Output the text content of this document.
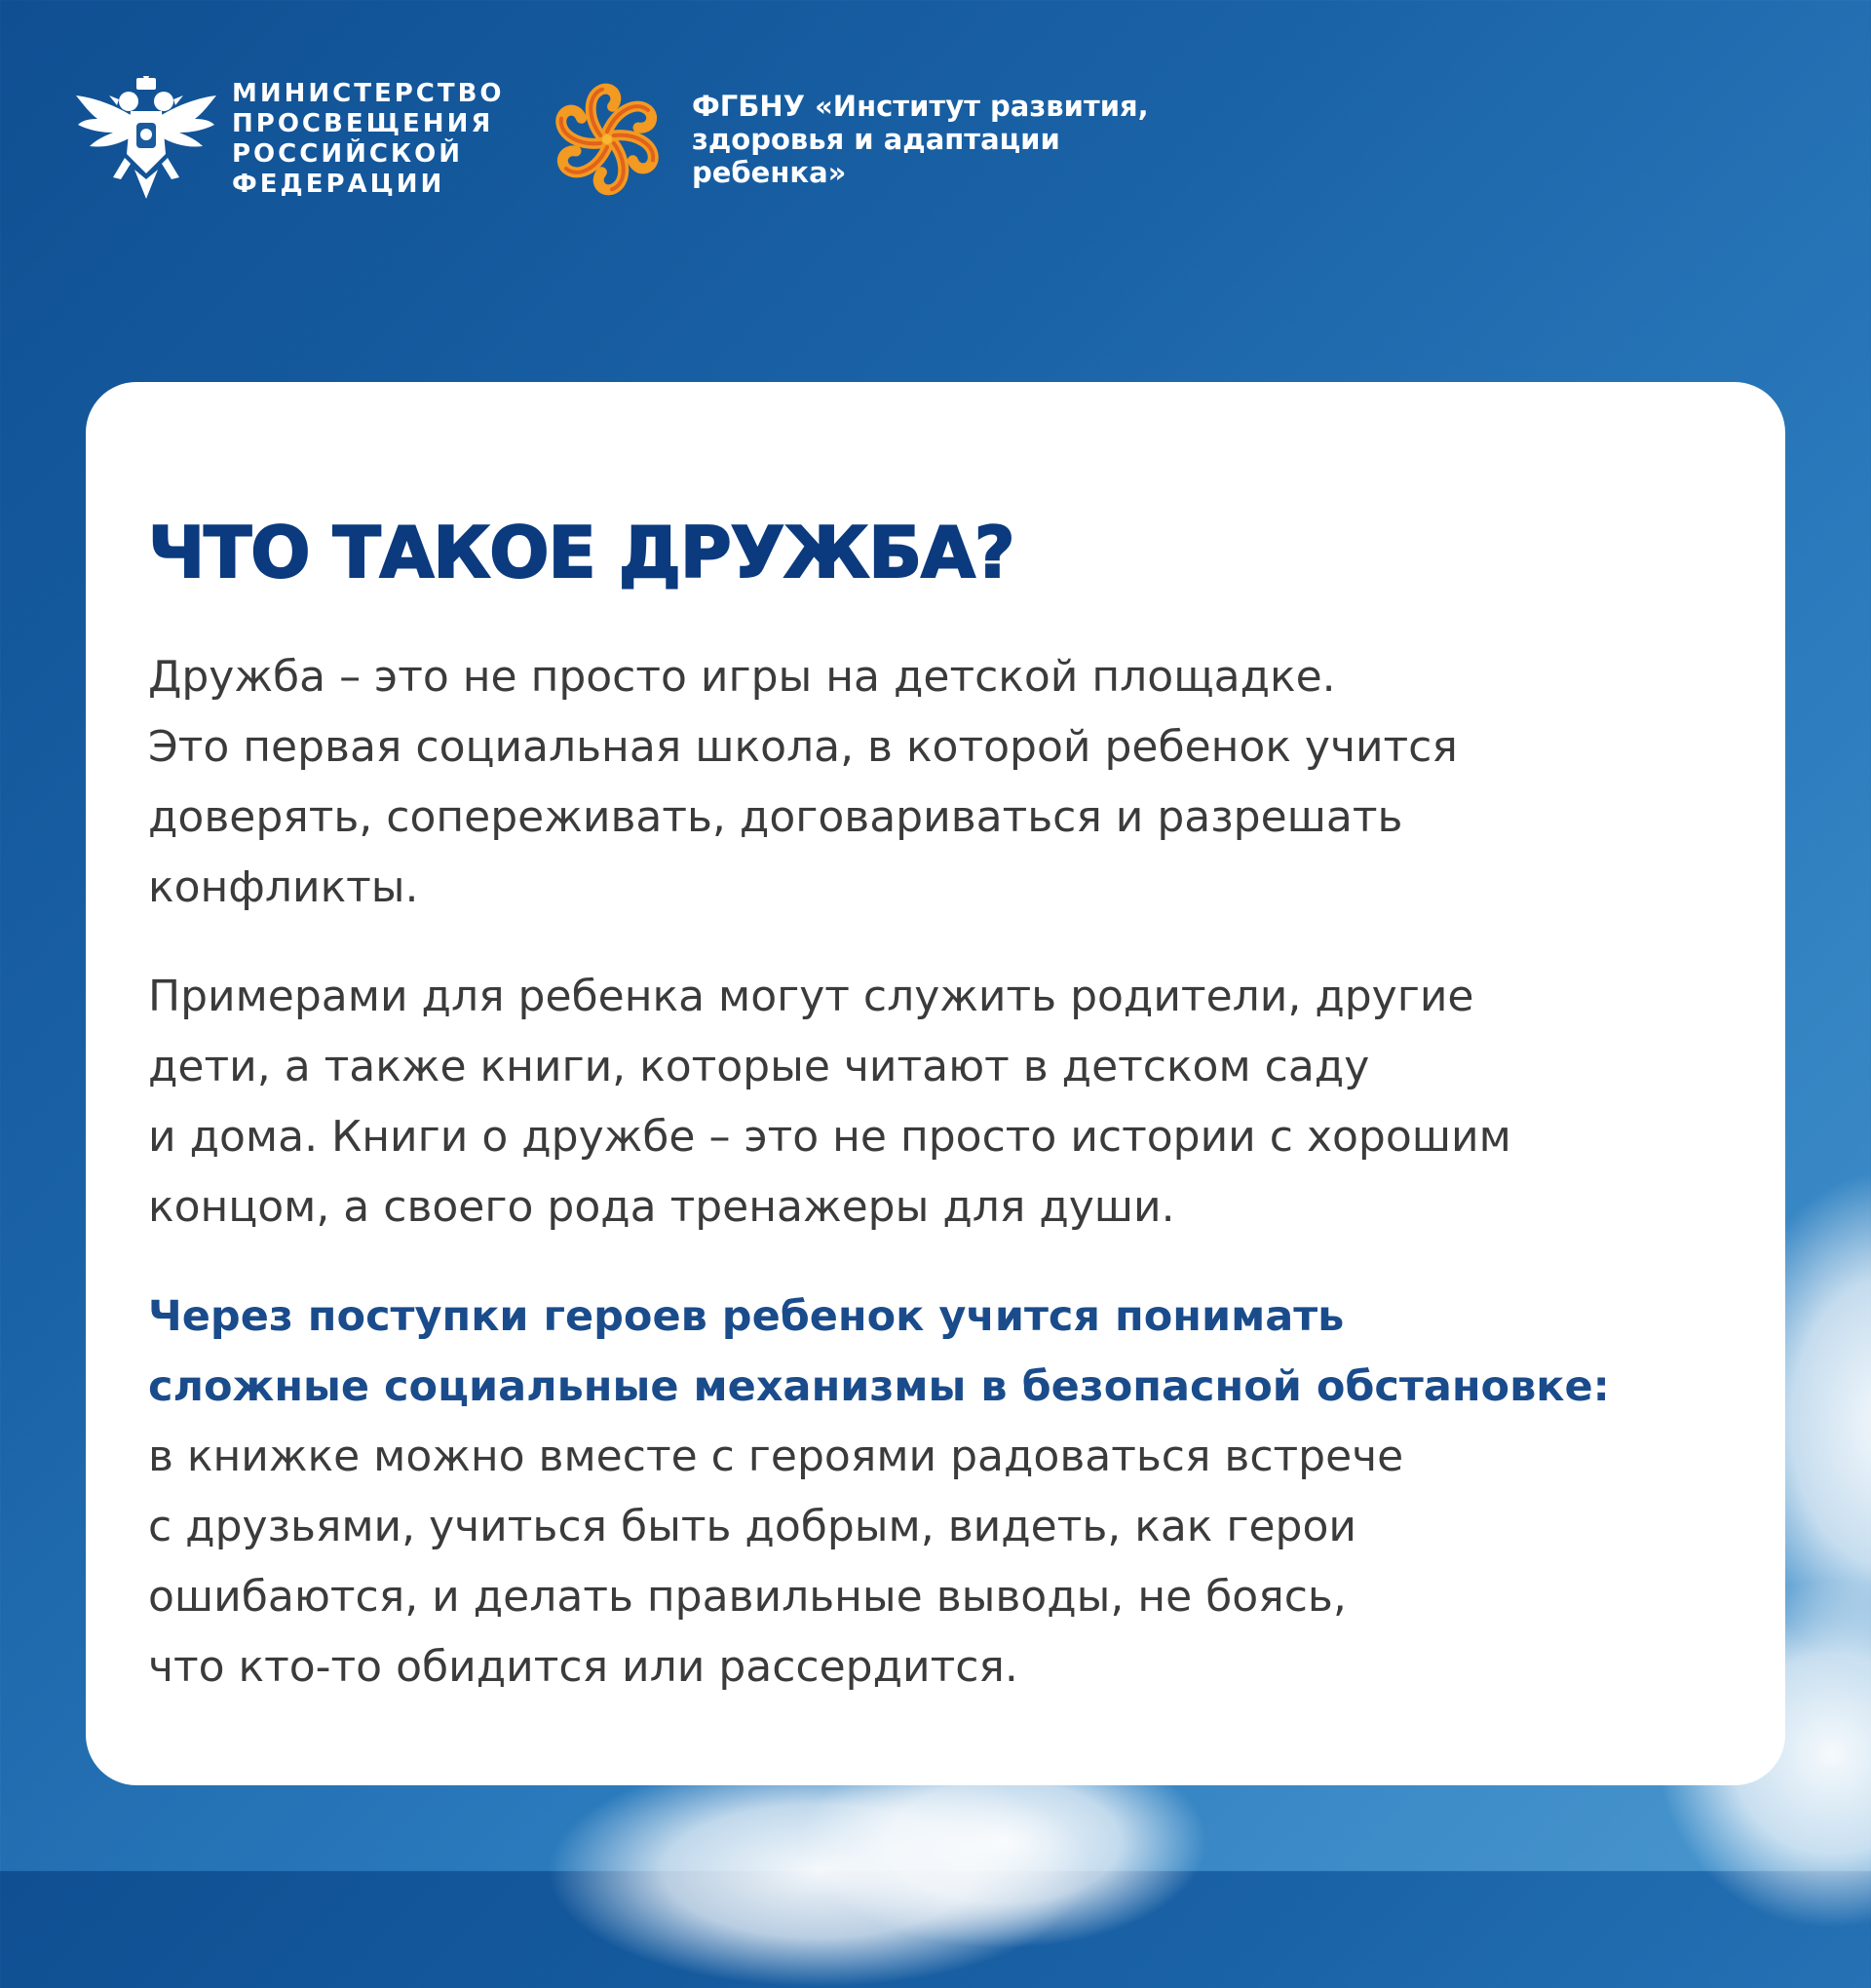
МИНИСТЕРСТВО
ПРОСВЕЩЕНИЯ
РОССИЙСКОЙ
ФЕДЕРАЦИИ
ФГБНУ «Институт развития,
здоровья и адаптации
ребенка»
ЧТО ТАКОЕ ДРУЖБА?

Дружба – это не просто игры на детской площадке.
Это первая социальная школа, в которой ребенок учится
доверять, сопереживать, договариваться и разрешать
конфликты.

Примерами для ребенка могут служить родители, другие
дети, а также книги, которые читают в детском саду
и дома. Книги о дружбе – это не просто истории с хорошим
концом, а своего рода тренажеры для души.

Через поступки героев ребенок учится понимать
сложные социальные механизмы в безопасной обстановке:
в книжке можно вместе с героями радоваться встрече
с друзьями, учиться быть добрым, видеть, как герои
ошибаются, и делать правильные выводы, не боясь,
что кто-то обидится или рассердится.
